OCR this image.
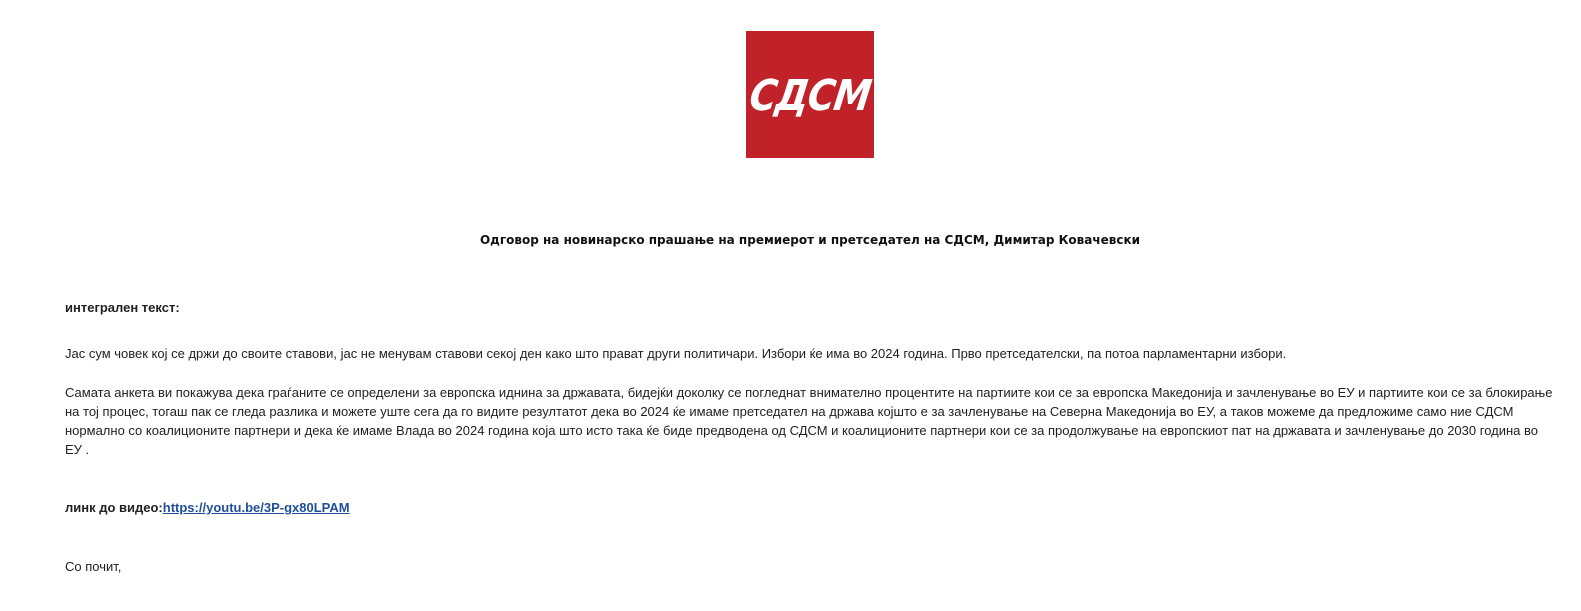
СДСМ
Одговор на новинарско прашање на премиерот и претседател на СДСМ, Димитар Ковачевски
интегрален текст:
Јас сум човек кој се држи до своите ставови, јас не менувам ставови секој ден како што прават други политичари. Избори ќе има во 2024 година. Прво претседателски, па потоа парламентарни избори.
Самата анкета ви покажува дека граѓаните се определени за европска иднина за државата, бидејќи доколку се погледнат внимателно процентите на партиите кои се за европска Македонија и зачленување во ЕУ и партиите кои се за блокирање на тој процес, тогаш пак се гледа разлика и можете уште сега да го видите резултатот дека во 2024 ќе имаме претседател на држава којшто е за зачленување на Северна Македонија во ЕУ, а таков можеме да предложиме само ние СДСМ нормално со коалиционите партнери и дека ќе имаме Влада во 2024 година која што исто така ќе биде предводена од СДСМ и коалиционите партнери кои се за продолжување на европскиот пат на државата и зачленување до 2030 година во ЕУ .
линк до видео:https://youtu.be/3P-gx80LPAM
Со почит,
